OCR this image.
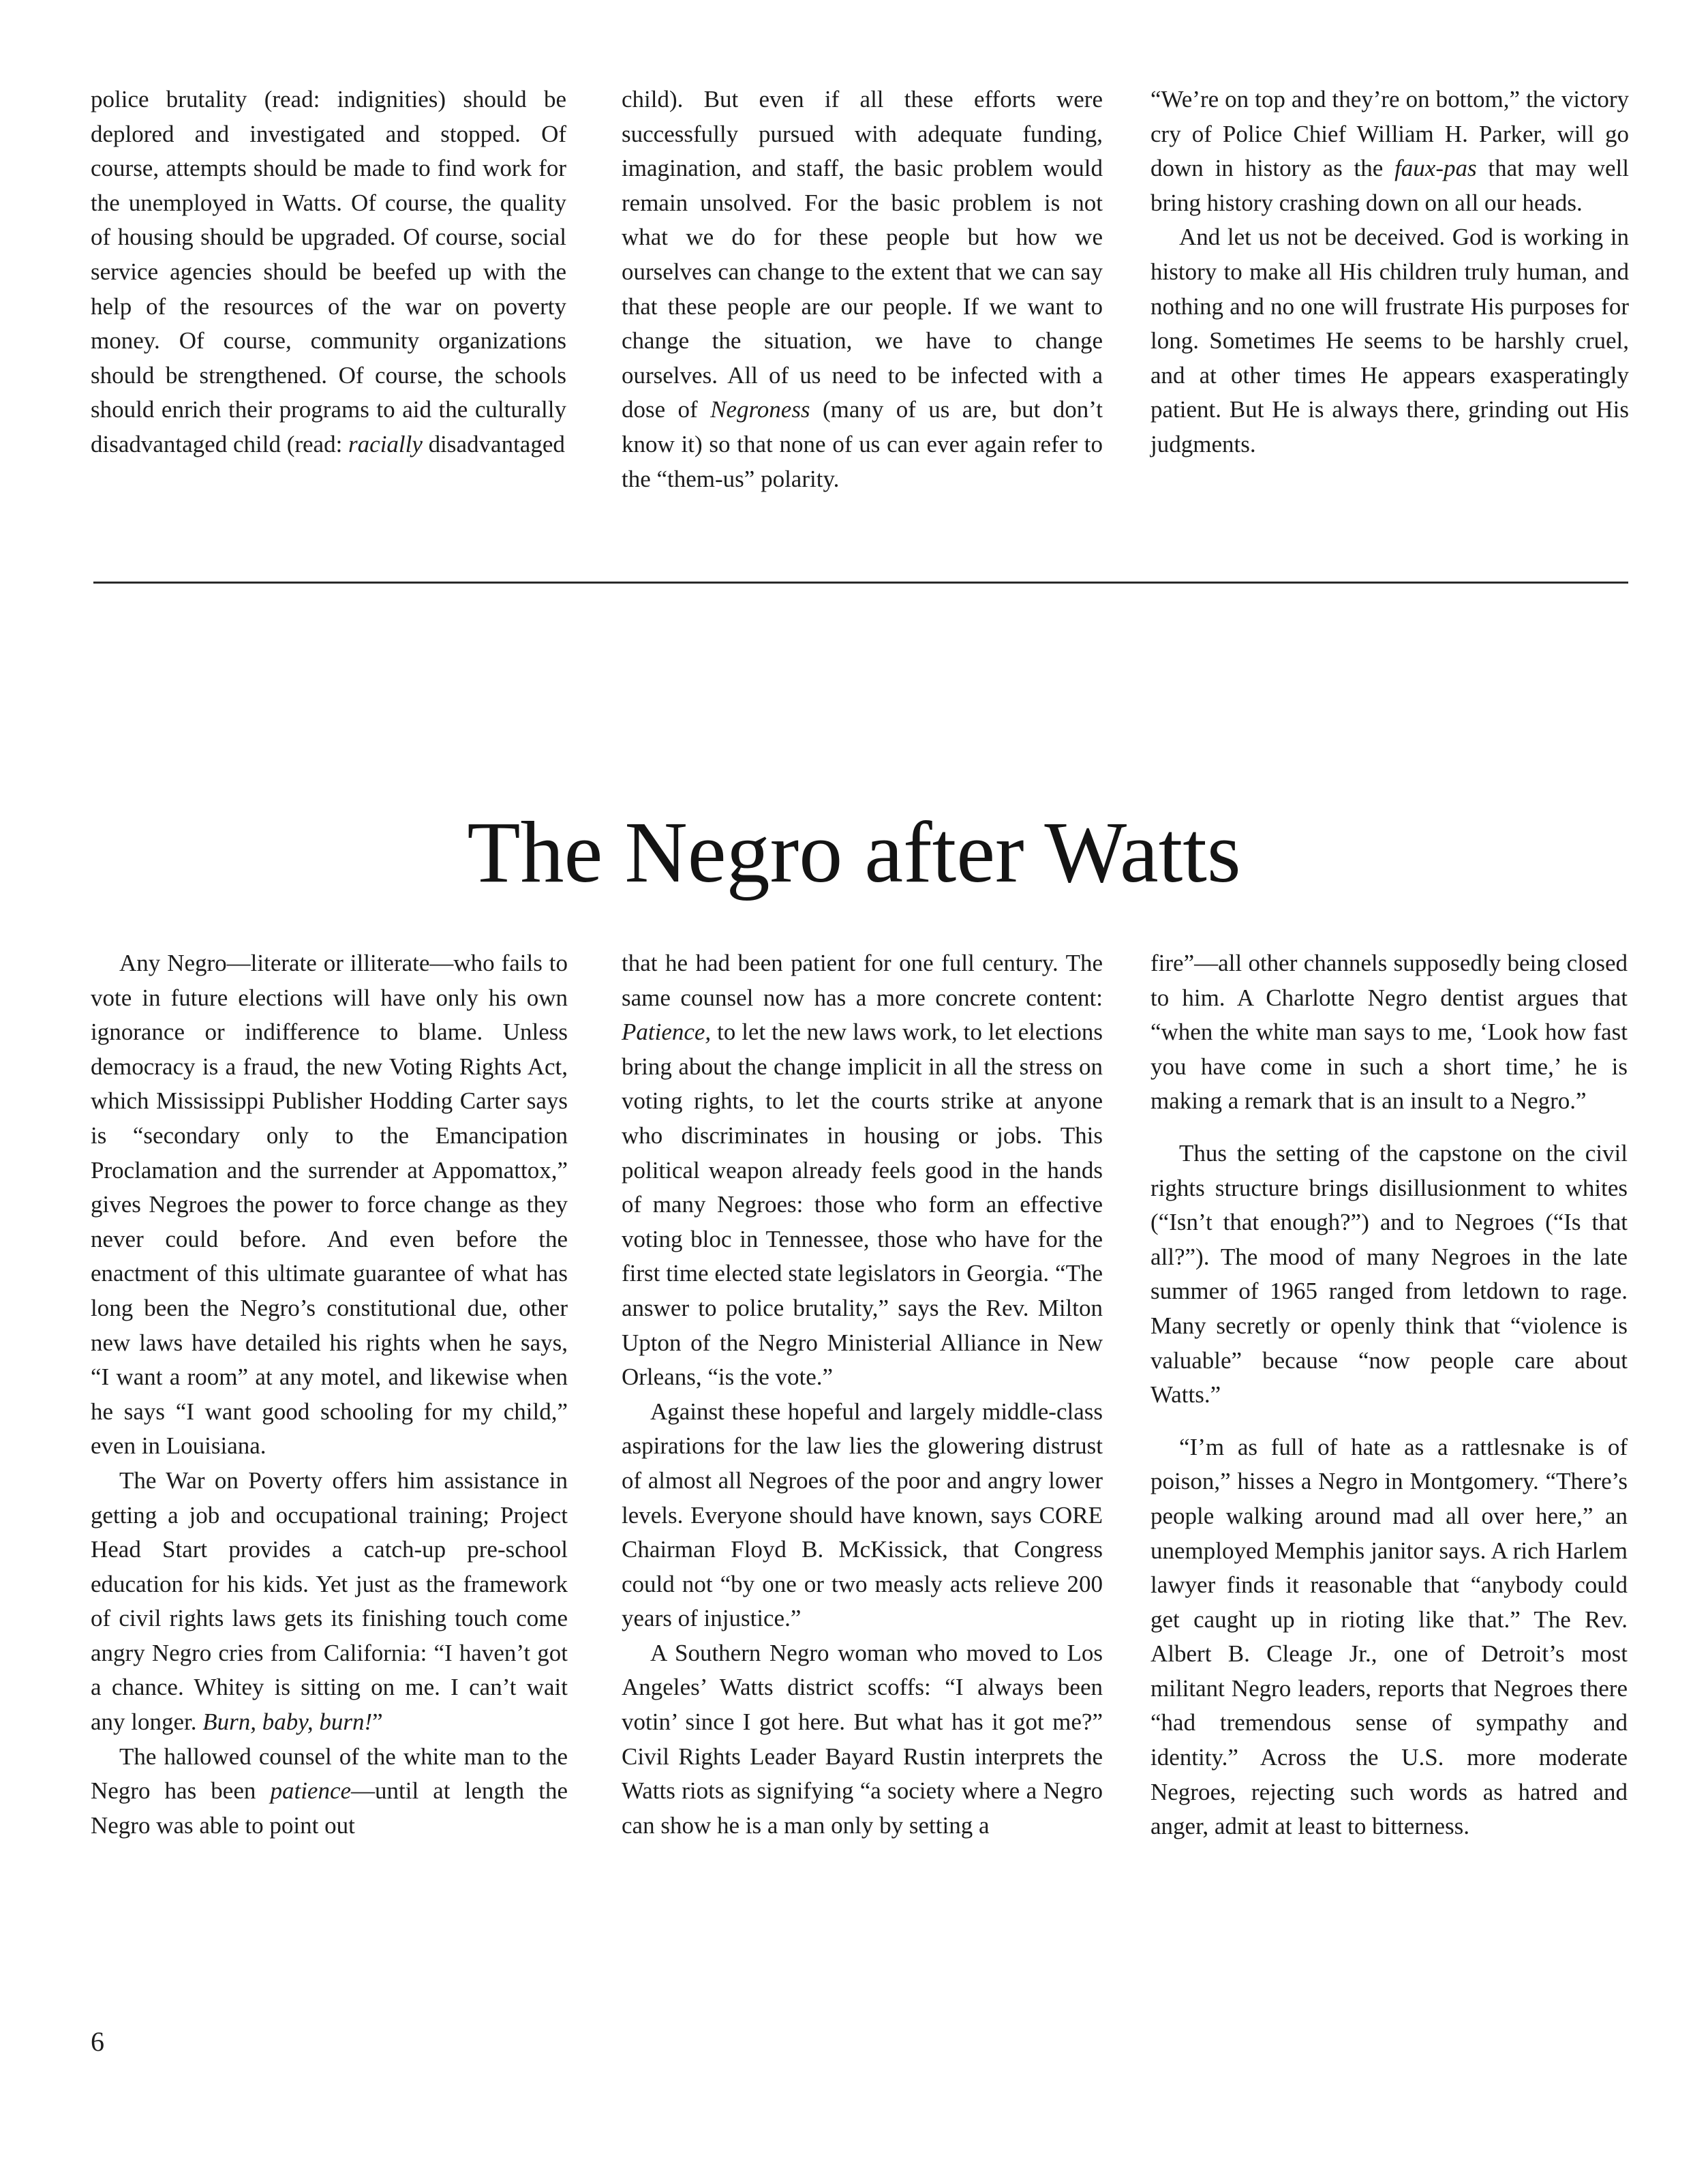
police brutality (read: indignities) should be deplored and investigated and stopped. Of course, attempts should be made to find work for the unemployed in Watts. Of course, the quality of housing should be upgraded. Of course, social service agencies should be beefed up with the help of the resources of the war on poverty money. Of course, community organizations should be strengthened. Of course, the schools should enrich their programs to aid the culturally disadvantaged child (read: racially disadvantaged

child). But even if all these efforts were successfully pursued with adequate funding, imagination, and staff, the basic problem would remain unsolved. For the basic problem is not what we do for these people but how we ourselves can change to the extent that we can say that these people are our people. If we want to change the situation, we have to change ourselves. All of us need to be infected with a dose of Negroness (many of us are, but don’t know it) so that none of us can ever again refer to the “them-us” polarity.

“We’re on top and they’re on bottom,” the victory cry of Police Chief William H. Parker, will go down in history as the faux-pas that may well bring history crashing down on all our heads.

And let us not be deceived. God is working in history to make all His children truly human, and nothing and no one will frustrate His purposes for long. Sometimes He seems to be harshly cruel, and at other times He appears exasperatingly patient. But He is always there, grinding out His judgments.

The Negro after Watts

Any Negro—literate or illiterate—who fails to vote in future elections will have only his own ignorance or indifference to blame. Unless democracy is a fraud, the new Voting Rights Act, which Mississippi Publisher Hodding Carter says is “secondary only to the Emancipation Proclamation and the surrender at Appomattox,” gives Negroes the power to force change as they never could before. And even before the enactment of this ultimate guarantee of what has long been the Negro’s constitutional due, other new laws have detailed his rights when he says, “I want a room” at any motel, and likewise when he says “I want good schooling for my child,” even in Louisiana.

The War on Poverty offers him assistance in getting a job and occupational training; Project Head Start provides a catch-up pre-school education for his kids. Yet just as the framework of civil rights laws gets its finishing touch come angry Negro cries from California: “I haven’t got a chance. Whitey is sitting on me. I can’t wait any longer. Burn, baby, burn!”

The hallowed counsel of the white man to the Negro has been patience—until at length the Negro was able to point out

that he had been patient for one full century. The same counsel now has a more concrete content: Patience, to let the new laws work, to let elections bring about the change implicit in all the stress on voting rights, to let the courts strike at anyone who discriminates in housing or jobs. This political weapon already feels good in the hands of many Negroes: those who form an effective voting bloc in Tennessee, those who have for the first time elected state legislators in Georgia. “The answer to police brutality,” says the Rev. Milton Upton of the Negro Ministerial Alliance in New Orleans, “is the vote.”

Against these hopeful and largely middle-class aspirations for the law lies the glowering distrust of almost all Negroes of the poor and angry lower levels. Everyone should have known, says CORE Chairman Floyd B. McKissick, that Congress could not “by one or two measly acts relieve 200 years of injustice.”

A Southern Negro woman who moved to Los Angeles’ Watts district scoffs: “I always been votin’ since I got here. But what has it got me?” Civil Rights Leader Bayard Rustin interprets the Watts riots as signifying “a society where a Negro can show he is a man only by setting a

fire”—all other channels supposedly being closed to him. A Charlotte Negro dentist argues that “when the white man says to me, ‘Look how fast you have come in such a short time,’ he is making a remark that is an insult to a Negro.”

Thus the setting of the capstone on the civil rights structure brings disillusionment to whites (“Isn’t that enough?”) and to Negroes (“Is that all?”). The mood of many Negroes in the late summer of 1965 ranged from letdown to rage. Many secretly or openly think that “violence is valuable” because “now people care about Watts.”

“I’m as full of hate as a rattlesnake is of poison,” hisses a Negro in Montgomery. “There’s people walking around mad all over here,” an unemployed Memphis janitor says. A rich Harlem lawyer finds it reasonable that “anybody could get caught up in rioting like that.” The Rev. Albert B. Cleage Jr., one of Detroit’s most militant Negro leaders, reports that Negroes there “had tremendous sense of sympathy and identity.” Across the U.S. more moderate Negroes, rejecting such words as hatred and anger, admit at least to bitterness.

6
